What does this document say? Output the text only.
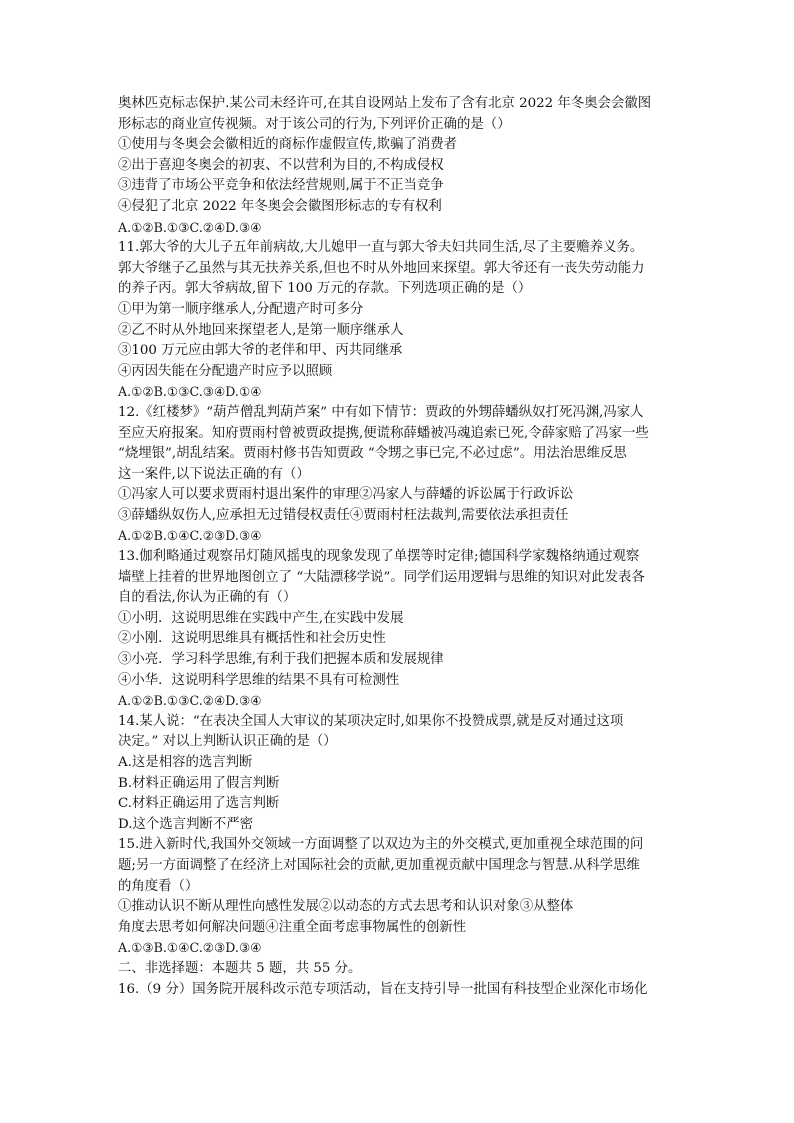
奥林匹克标志保护.某公司未经许可,在其自设网站上发布了含有北京 2022 年冬奥会会徽图
形标志的商业宣传视频。对于该公司的行为,下列评价正确的是（）
①使用与冬奥会会徽相近的商标作虚假宣传,欺骗了消费者
②出于喜迎冬奥会的初衷、不以营利为目的,不构成侵权
③违背了市场公平竞争和依法经营规则,属于不正当竞争
④侵犯了北京 2022 年冬奥会会徽图形标志的专有权利
A.①②B.①③C.②④D.③④
11.郭大爷的大儿子五年前病故,大儿媳甲一直与郭大爷夫妇共同生活,尽了主要赡养义务。
郭大爷继子乙虽然与其无扶养关系,但也不时从外地回来探望。郭大爷还有一丧失劳动能力
的养子丙。郭大爷病故,留下 100 万元的存款。下列选项正确的是（）
①甲为第一顺序继承人,分配遗产时可多分
②乙不时从外地回来探望老人,是第一顺序继承人
③100 万元应由郭大爷的老伴和甲、丙共同继承
④丙因失能在分配遗产时应予以照顾
A.①②B.①③C.③④D.①④
12.《红楼梦》“葫芦僧乱判葫芦案” 中有如下情节：贾政的外甥薛蟠纵奴打死冯渊,冯家人
至应天府报案。知府贾雨村曾被贾政提携,便谎称薛蟠被冯魂追索已死,令薛家赔了冯家一些
“烧埋银”,胡乱结案。贾雨村修书告知贾政 “令甥之事已完,不必过虑”。用法治思维反思
这一案件,以下说法正确的有（）
①冯家人可以要求贾雨村退出案件的审理②冯家人与薛蟠的诉讼属于行政诉讼
③薛蟠纵奴伤人,应承担无过错侵权责任④贾雨村枉法裁判,需要依法承担责任
A.①②B.①④C.②③D.③④
13.伽利略通过观察吊灯随风摇曳的现象发现了单摆等时定律;德国科学家魏格纳通过观察
墙壁上挂着的世界地图创立了 “大陆漂移学说”。同学们运用逻辑与思维的知识对此发表各
自的看法,你认为正确的有（）
①小明．这说明思维在实践中产生,在实践中发展
②小刚．这说明思维具有概括性和社会历史性
③小亮．学习科学思维,有利于我们把握本质和发展规律
④小华．这说明科学思维的结果不具有可检测性
A.①②B.①③C.②④D.③④
14.某人说：“在表决全国人大审议的某项决定时,如果你不投赞成票,就是反对通过这项
决定。” 对以上判断认识正确的是（）
A.这是相容的选言判断
B.材料正确运用了假言判断
C.材料正确运用了选言判断
D.这个选言判断不严密
15.进入新时代,我国外交领域一方面调整了以双边为主的外交模式,更加重视全球范围的问
题;另一方面调整了在经济上对国际社会的贡献,更加重视贡献中国理念与智慧.从科学思维
的角度看（）
①推动认识不断从理性向感性发展②以动态的方式去思考和认识对象③从整体
角度去思考如何解决问题④注重全面考虑事物属性的创新性
A.①③B.①④C.②③D.③④
二、非选择题：本题共 5 题，共 55 分。
16.（9 分）国务院开展科改示范专项活动，旨在支持引导一批国有科技型企业深化市场化
